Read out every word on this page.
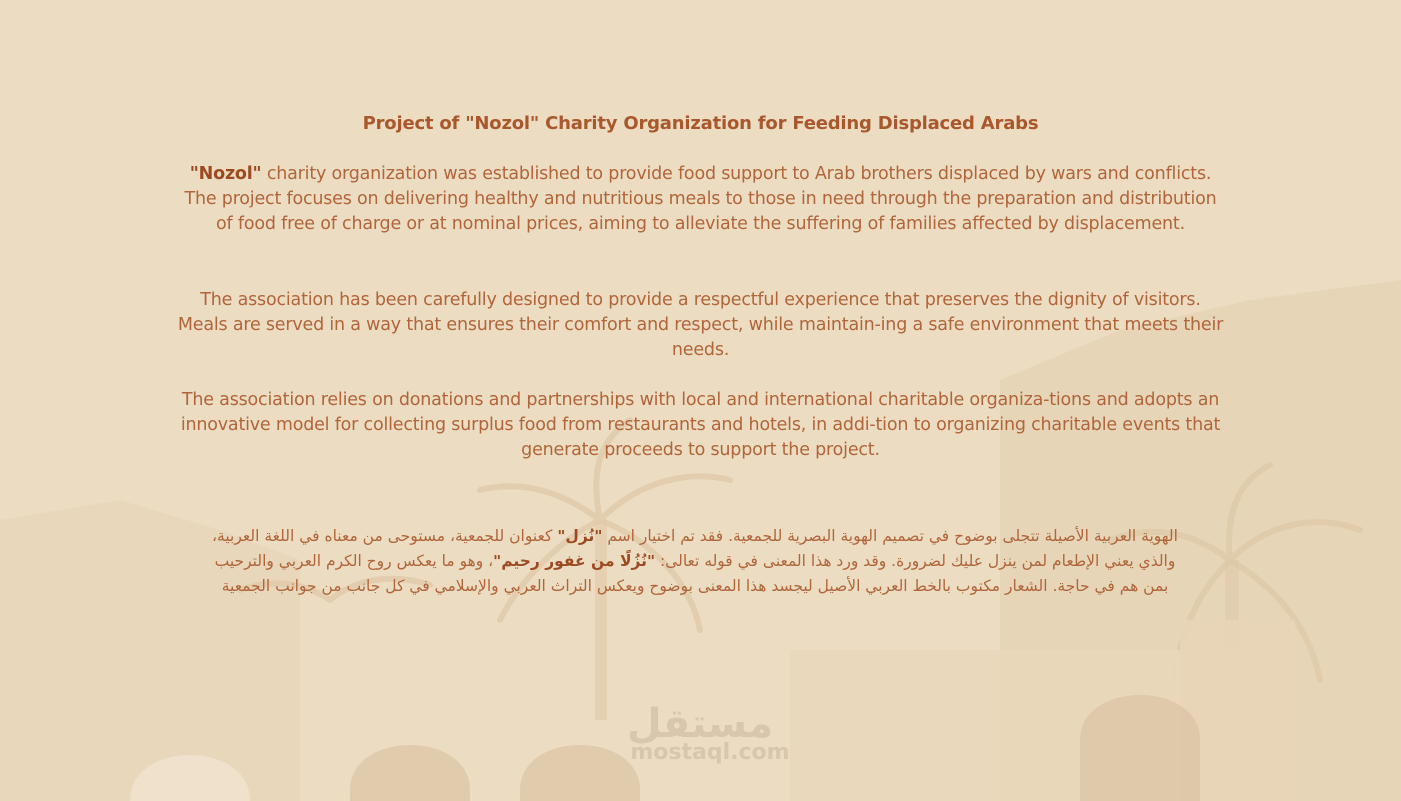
Project of "Nozol" Charity Organization for Feeding Displaced Arabs

"Nozol" charity organization was established to provide food support to Arab brothers displaced by wars and conflicts. The project focuses on delivering healthy and nutritious meals to those in need through the preparation and distribution of food free of charge or at nominal prices, aiming to alleviate the suffering of families affected by displacement.

The association has been carefully designed to provide a respectful experience that preserves the dignity of visitors. Meals are served in a way that ensures their comfort and respect, while maintain-ing a safe environment that meets their needs.

The association relies on donations and partnerships with local and international charitable organiza-tions and adopts an innovative model for collecting surplus food from restaurants and hotels, in addi-tion to organizing charitable events that generate proceeds to support the project.

الهوية العربية الأصيلة تتجلى بوضوح في تصميم الهوية البصرية للجمعية. فقد تم اختيار اسم "نُزل" كعنوان للجمعية، مستوحى من معناه في اللغة العربية، والذي يعني الإطعام لمن ينزل عليك لضرورة. وقد ورد هذا المعنى في قوله تعالى: "نُزُلًا من غفور رحيم"، وهو ما يعكس روح الكرم العربي والترحيب بمن هم في حاجة. الشعار مكتوب بالخط العربي الأصيل ليجسد هذا المعنى بوضوح ويعكس التراث العربي والإسلامي في كل جانب من جوانب الجمعية

مستقل
mostaql.com
